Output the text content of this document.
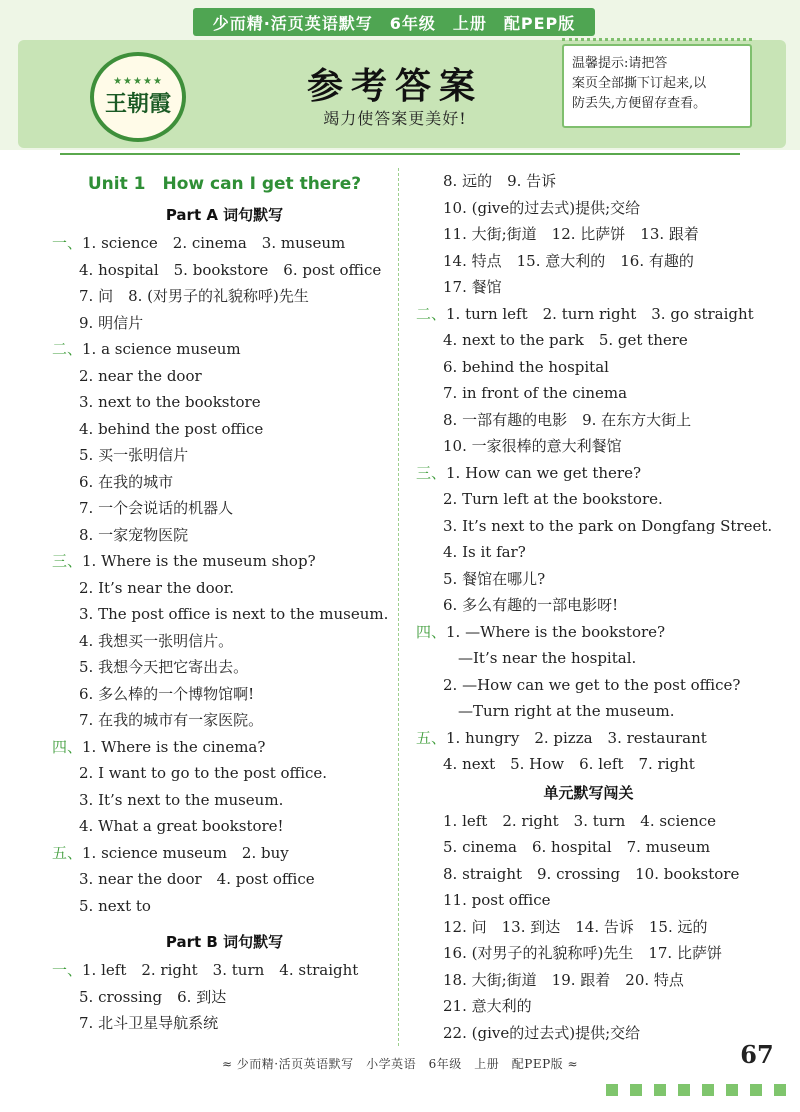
少而精·活页英语默写　6年级　上册　配PEP版
★★★★★
王朝霞	参考答案
竭力使答案更美好!
温馨提示:请把答
案页全部撕下订起来,以
防丢失,方便留存查看。
Unit 1　How can I get there?
Part A 词句默写
一、1. science　2. cinema　3. museum
4. hospital　5. bookstore　6. post office
7. 问　8. (对男子的礼貌称呼)先生
9. 明信片
二、1. a science museum
2. near the door
3. next to the bookstore
4. behind the post office
5. 买一张明信片
6. 在我的城市
7. 一个会说话的机器人
8. 一家宠物医院
三、1. Where is the museum shop?
2. It’s near the door.
3. The post office is next to the museum.
4. 我想买一张明信片。
5. 我想今天把它寄出去。
6. 多么棒的一个博物馆啊!
7. 在我的城市有一家医院。
四、1. Where is the cinema?
2. I want to go to the post office.
3. It’s next to the museum.
4. What a great bookstore!
五、1. science museum　2. buy
3. near the door　4. post office
5. next to
Part B 词句默写
一、1. left　2. right　3. turn　4. straight
5. crossing　6. 到达
7. 北斗卫星导航系统
8. 远的　9. 告诉
10. (give的过去式)提供;交给
11. 大街;街道　12. 比萨饼　13. 跟着
14. 特点　15. 意大利的　16. 有趣的
17. 餐馆
二、1. turn left　2. turn right　3. go straight
4. next to the park　5. get there
6. behind the hospital
7. in front of the cinema
8. 一部有趣的电影　9. 在东方大街上
10. 一家很棒的意大利餐馆
三、1. How can we get there?
2. Turn left at the bookstore.
3. It’s next to the park on Dongfang Street.
4. Is it far?
5. 餐馆在哪儿?
6. 多么有趣的一部电影呀!
四、1. —Where is the bookstore?
　—It’s near the hospital.
2. —How can we get to the post office?
　—Turn right at the museum.
五、1. hungry　2. pizza　3. restaurant
4. next　5. How　6. left　7. right
单元默写闯关
1. left　2. right　3. turn　4. science
5. cinema　6. hospital　7. museum
8. straight　9. crossing　10. bookstore
11. post office
12. 问　13. 到达　14. 告诉　15. 远的
16. (对男子的礼貌称呼)先生　17. 比萨饼
18. 大街;街道　19. 跟着　20. 特点
21. 意大利的
22. (give的过去式)提供;交给
≈ 少而精·活页英语默写　小学英语　6年级　上册　配PEP版 ≈	67
